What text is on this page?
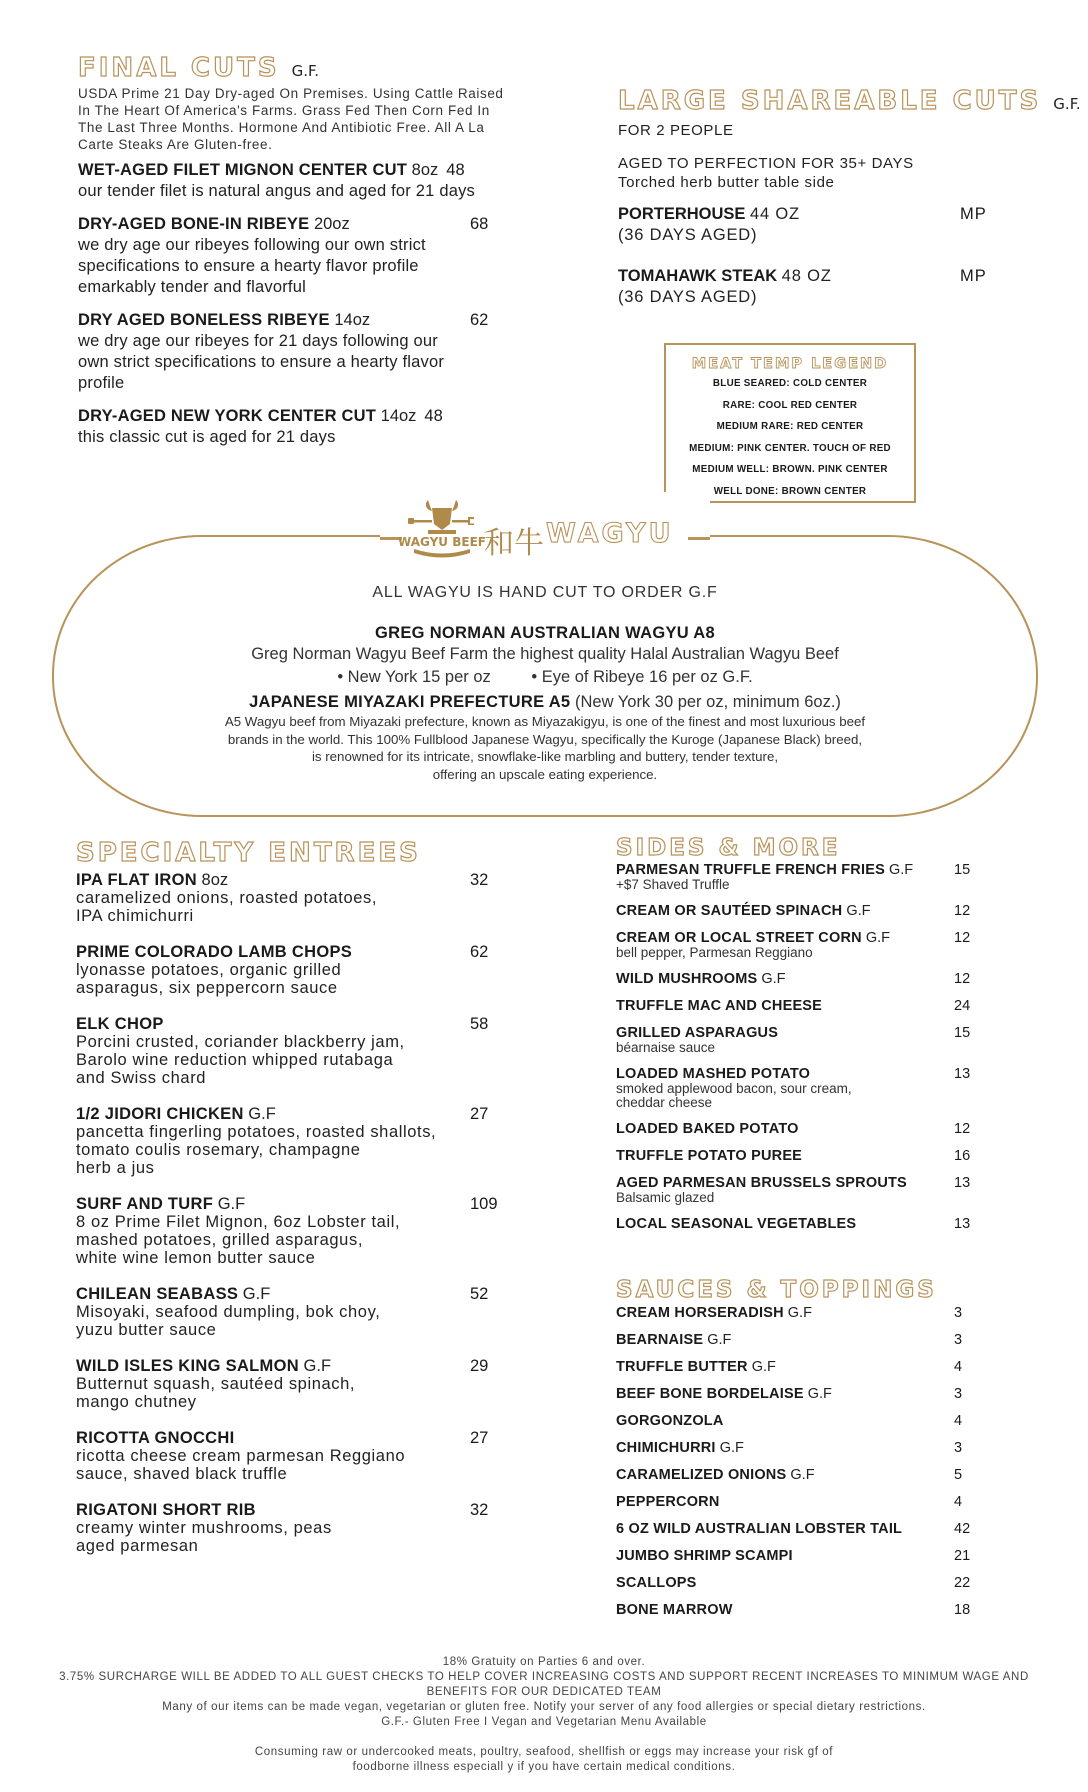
FINAL CUTS G.F.

USDA Prime 21 Day Dry-aged On Premises. Using Cattle Raised In The Heart Of America's Farms. Grass Fed Then Corn Fed In The Last Three Months. Hormone And Antibiotic Free. All A La Carte Steaks Are Gluten-free.

WET-AGED FILET MIGNON CENTER CUT 8oz 48
our tender filet is natural angus and aged for 21 days
DRY-AGED BONE-IN RIBEYE 20oz	68
we dry age our ribeyes following our own strict specifications to ensure a hearty flavor profile emarkably tender and flavorful
DRY AGED BONELESS RIBEYE 14oz	62
we dry age our ribeyes for 21 days following our own strict specifications to ensure a hearty flavor profile
DRY-AGED NEW YORK CENTER CUT 14oz 48
this classic cut is aged for 21 days
LARGE SHAREABLE CUTS G.F.
FOR 2 PEOPLE
AGED TO PERFECTION FOR 35+ DAYS
Torched herb butter table side
PORTERHOUSE 44 OZ	MP
(36 DAYS AGED)
TOMAHAWK STEAK 48 OZ	MP
(36 DAYS AGED)
MEAT TEMP LEGEND
BLUE SEARED: COLD CENTER
RARE: COOL RED CENTER
MEDIUM RARE: RED CENTER
MEDIUM: PINK CENTER. TOUCH OF RED
MEDIUM WELL: BROWN. PINK CENTER
WELL DONE: BROWN CENTER
WAGYU BEEF
和牛 WAGYU
ALL WAGYU IS HAND CUT TO ORDER G.F
GREG NORMAN AUSTRALIAN WAGYU A8
Greg Norman Wagyu Beef Farm the highest quality Halal Australian Wagyu Beef
• New York 15 per oz • Eye of Ribeye 16 per oz G.F.
JAPANESE MIYAZAKI PREFECTURE A5 (New York 30 per oz, minimum 6oz.)
A5 Wagyu beef from Miyazaki prefecture, known as Miyazakigyu, is one of the finest and most luxurious beef
brands in the world. This 100% Fullblood Japanese Wagyu, specifically the Kuroge (Japanese Black) breed,
is renowned for its intricate, snowflake-like marbling and buttery, tender texture,
offering an upscale eating experience.
SPECIALTY ENTREES
IPA FLAT IRON 8oz	32
caramelized onions, roasted potatoes,
IPA chimichurri
PRIME COLORADO LAMB CHOPS	62
lyonasse potatoes, organic grilled
asparagus, six peppercorn sauce
ELK CHOP	58
Porcini crusted, coriander blackberry jam,
Barolo wine reduction whipped rutabaga
and Swiss chard
1/2 JIDORI CHICKEN G.F	27
pancetta fingerling potatoes, roasted shallots,
tomato coulis rosemary, champagne
herb a jus
SURF AND TURF G.F	109
8 oz Prime Filet Mignon, 6oz Lobster tail,
mashed potatoes, grilled asparagus,
white wine lemon butter sauce
CHILEAN SEABASS G.F	52
Misoyaki, seafood dumpling, bok choy,
yuzu butter sauce
WILD ISLES KING SALMON G.F	29
Butternut squash, sautéed spinach,
mango chutney
RICOTTA GNOCCHI	27
ricotta cheese cream parmesan Reggiano
sauce, shaved black truffle
RIGATONI SHORT RIB	32
creamy winter mushrooms, peas
aged parmesan
SIDES & MORE
PARMESAN TRUFFLE FRENCH FRIES G.F	15
+$7 Shaved Truffle
CREAM OR SAUTÉED SPINACH G.F	12
CREAM OR LOCAL STREET CORN G.F	12
bell pepper, Parmesan Reggiano
WILD MUSHROOMS G.F	12
TRUFFLE MAC AND CHEESE	24
GRILLED ASPARAGUS	15
béarnaise sauce
LOADED MASHED POTATO	13
smoked applewood bacon, sour cream,
cheddar cheese
LOADED BAKED POTATO	12
TRUFFLE POTATO PUREE	16
AGED PARMESAN BRUSSELS SPROUTS	13
Balsamic glazed
LOCAL SEASONAL VEGETABLES	13
SAUCES & TOPPINGS
CREAM HORSERADISH G.F	3
BEARNAISE G.F	3
TRUFFLE BUTTER G.F	4
BEEF BONE BORDELAISE G.F	3
GORGONZOLA	4
CHIMICHURRI G.F	3
CARAMELIZED ONIONS G.F	5
PEPPERCORN	4
6 OZ WILD AUSTRALIAN LOBSTER TAIL	42
JUMBO SHRIMP SCAMPI	21
SCALLOPS	22
BONE MARROW	18
18% Gratuity on Parties 6 and over.
3.75% SURCHARGE WILL BE ADDED TO ALL GUEST CHECKS TO HELP COVER INCREASING COSTS AND SUPPORT RECENT INCREASES TO MINIMUM WAGE AND
BENEFITS FOR OUR DEDICATED TEAM
Many of our items can be made vegan, vegetarian or gluten free. Notify your server of any food allergies or special dietary restrictions.
G.F.- Gluten Free I Vegan and Vegetarian Menu Available
Consuming raw or undercooked meats, poultry, seafood, shellfish or eggs may increase your risk gf of
foodborne illness especiall y if you have certain medical conditions.
